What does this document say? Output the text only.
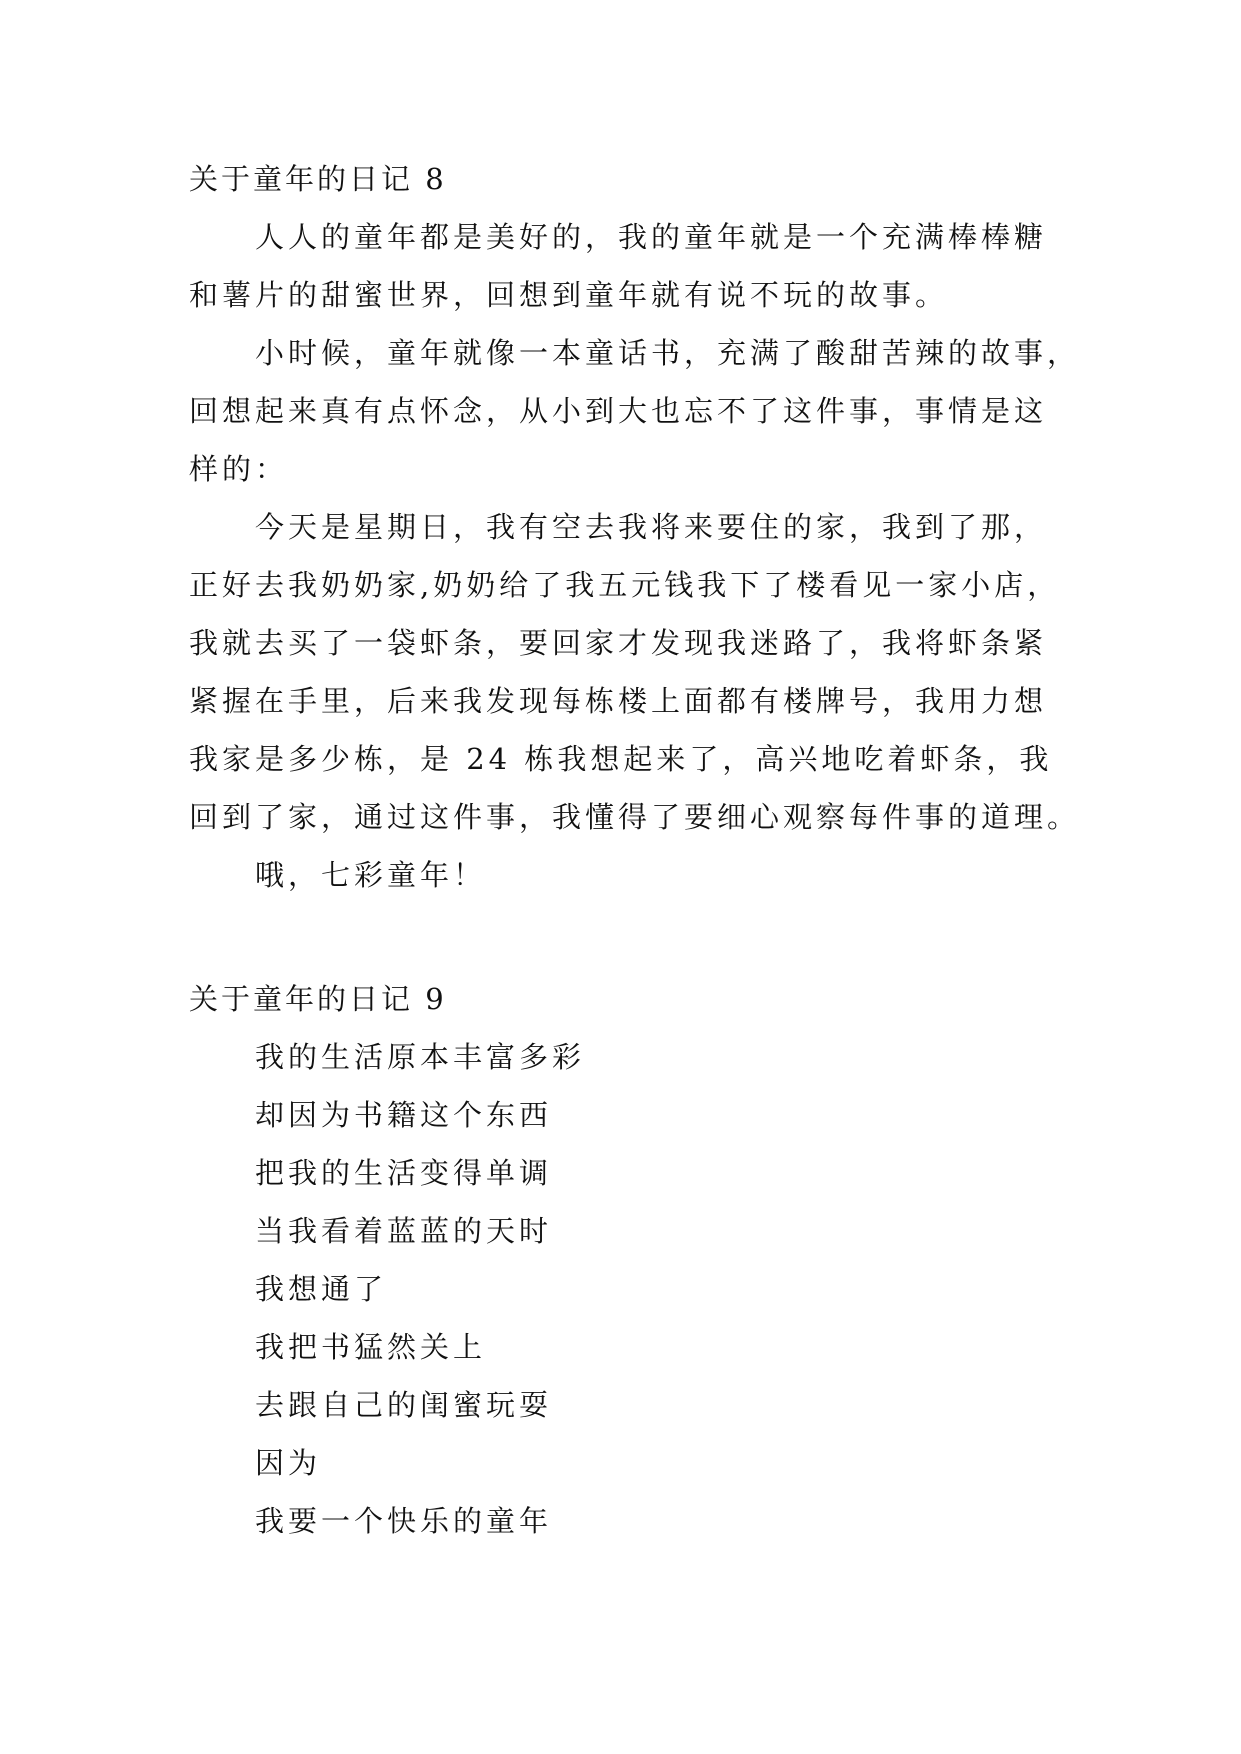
关于童年的日记 8
人人的童年都是美好的，我的童年就是一个充满棒棒糖
和薯片的甜蜜世界，回想到童年就有说不玩的故事。
小时候，童年就像一本童话书，充满了酸甜苦辣的故事，
回想起来真有点怀念，从小到大也忘不了这件事，事情是这
样的：
今天是星期日，我有空去我将来要住的家，我到了那，
正好去我奶奶家,奶奶给了我五元钱我下了楼看见一家小店，
我就去买了一袋虾条，要回家才发现我迷路了，我将虾条紧
紧握在手里，后来我发现每栋楼上面都有楼牌号，我用力想
我家是多少栋，是 24 栋我想起来了，高兴地吃着虾条，我
回到了家，通过这件事，我懂得了要细心观察每件事的道理。
哦，七彩童年！
关于童年的日记 9
我的生活原本丰富多彩
却因为书籍这个东西
把我的生活变得单调
当我看着蓝蓝的天时
我想通了
我把书猛然关上
去跟自己的闺蜜玩耍
因为
我要一个快乐的童年
